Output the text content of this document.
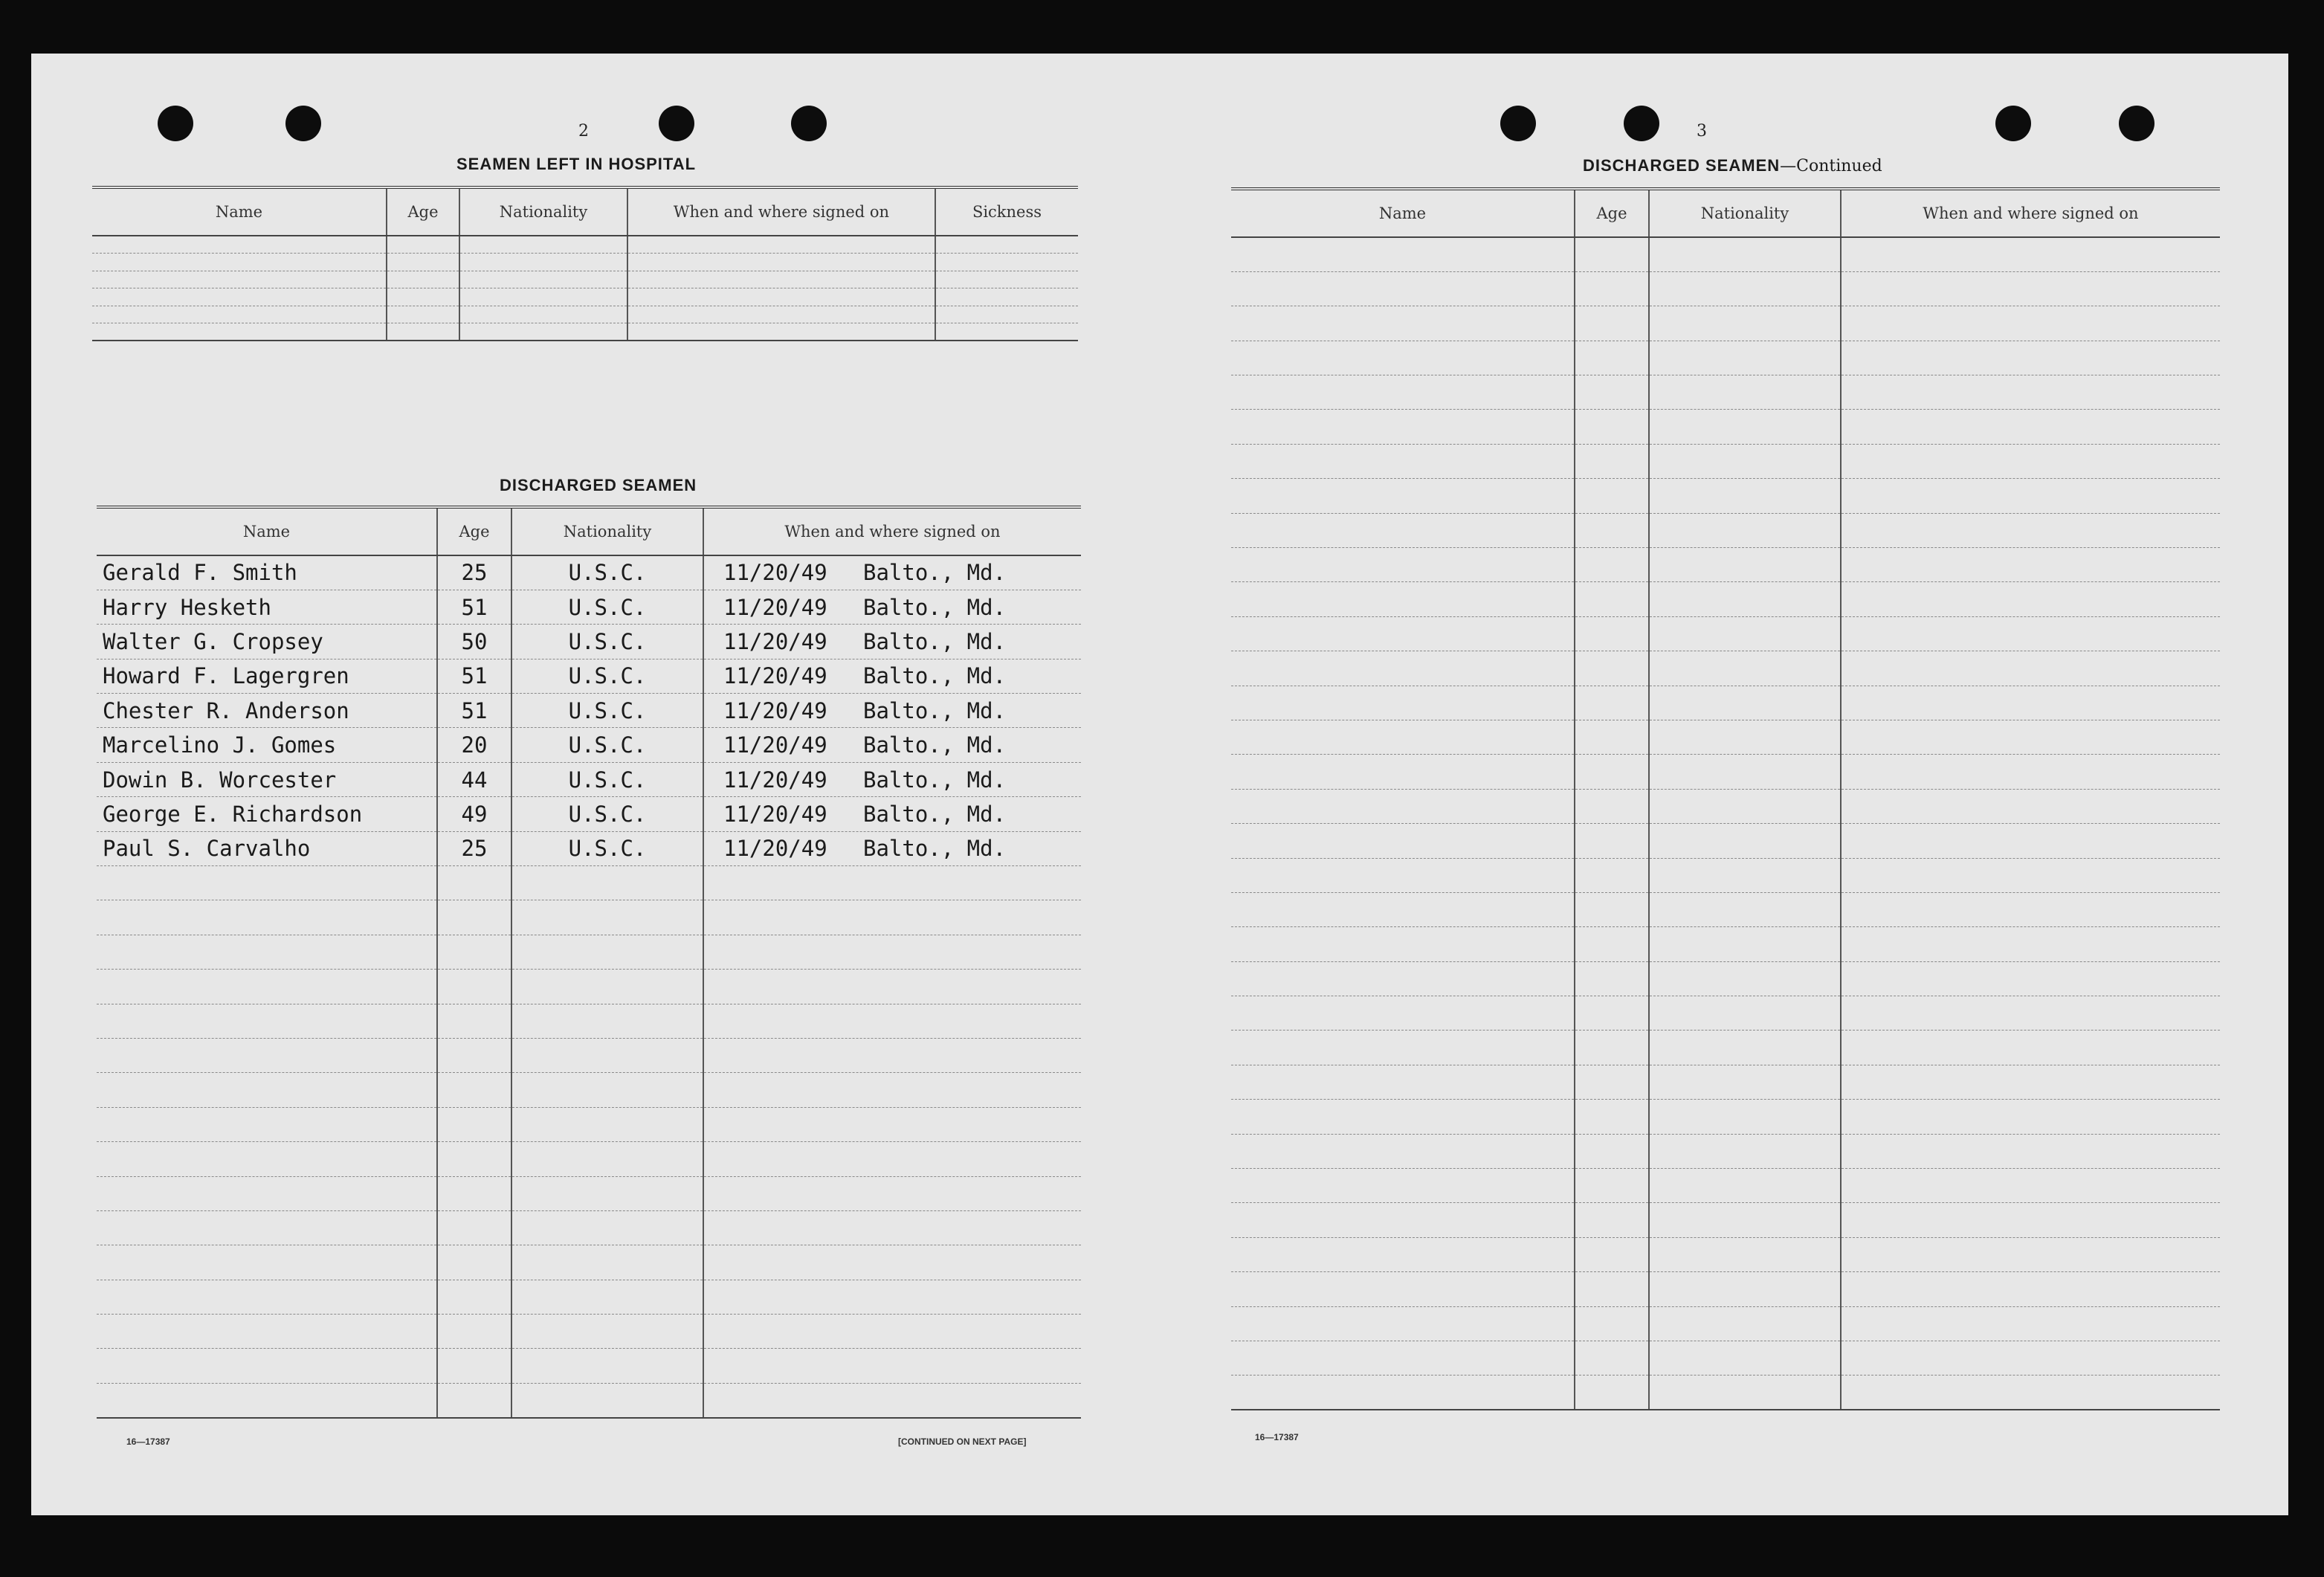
2
SEAMEN LEFT IN HOSPITAL
Name	Age	Nationality	When and where signed on	Sickness

DISCHARGED SEAMEN
Name	Age	Nationality	When and where signed on
Gerald F. Smith	25	U.S.C.	11/20/49 Balto., Md.
Harry Hesketh	51	U.S.C.	11/20/49 Balto., Md.
Walter G. Cropsey	50	U.S.C.	11/20/49 Balto., Md.
Howard F. Lagergren	51	U.S.C.	11/20/49 Balto., Md.
Chester R. Anderson	51	U.S.C.	11/20/49 Balto., Md.
Marcelino J. Gomes	20	U.S.C.	11/20/49 Balto., Md.
Dowin B. Worcester	44	U.S.C.	11/20/49 Balto., Md.
George E. Richardson	49	U.S.C.	11/20/49 Balto., Md.
Paul S. Carvalho	25	U.S.C.	11/20/49 Balto., Md.

16—17387	[CONTINUED ON NEXT PAGE]
3
DISCHARGED SEAMEN—Continued
Name	Age	Nationality	When and where signed on

16—17387
